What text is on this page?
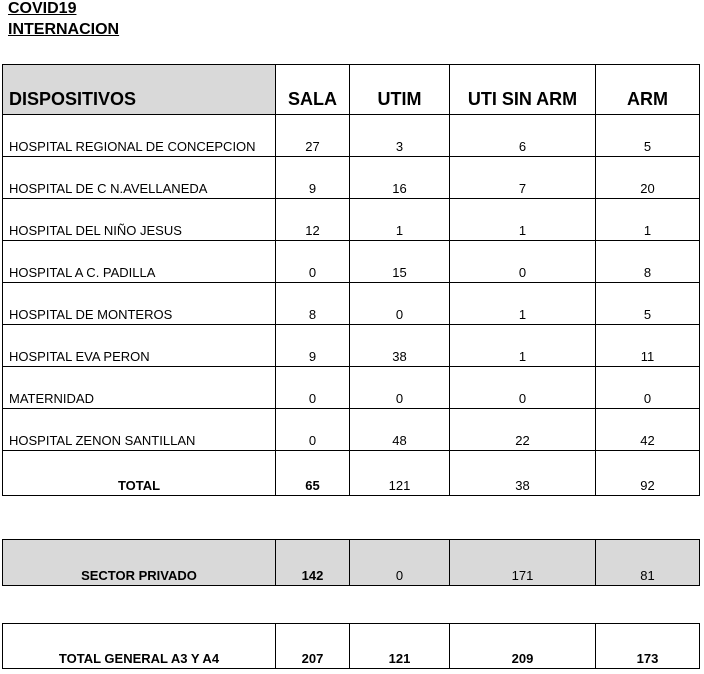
COVID19
INTERNACION
DISPOSITIVOS	SALA	UTIM	UTI SIN ARM	ARM
HOSPITAL REGIONAL DE CONCEPCION	27	3	6	5
HOSPITAL DE C N.AVELLANEDA	9	16	7	20
HOSPITAL DEL NIÑO JESUS	12	1	1	1
HOSPITAL A C. PADILLA	0	15	0	8
HOSPITAL DE MONTEROS	8	0	1	5
HOSPITAL EVA PERON	9	38	1	11
MATERNIDAD	0	0	0	0
HOSPITAL ZENON SANTILLAN	0	48	22	42
TOTAL	65	121	38	92
SECTOR PRIVADO	142	0	171	81
TOTAL GENERAL A3 Y A4	207	121	209	173
